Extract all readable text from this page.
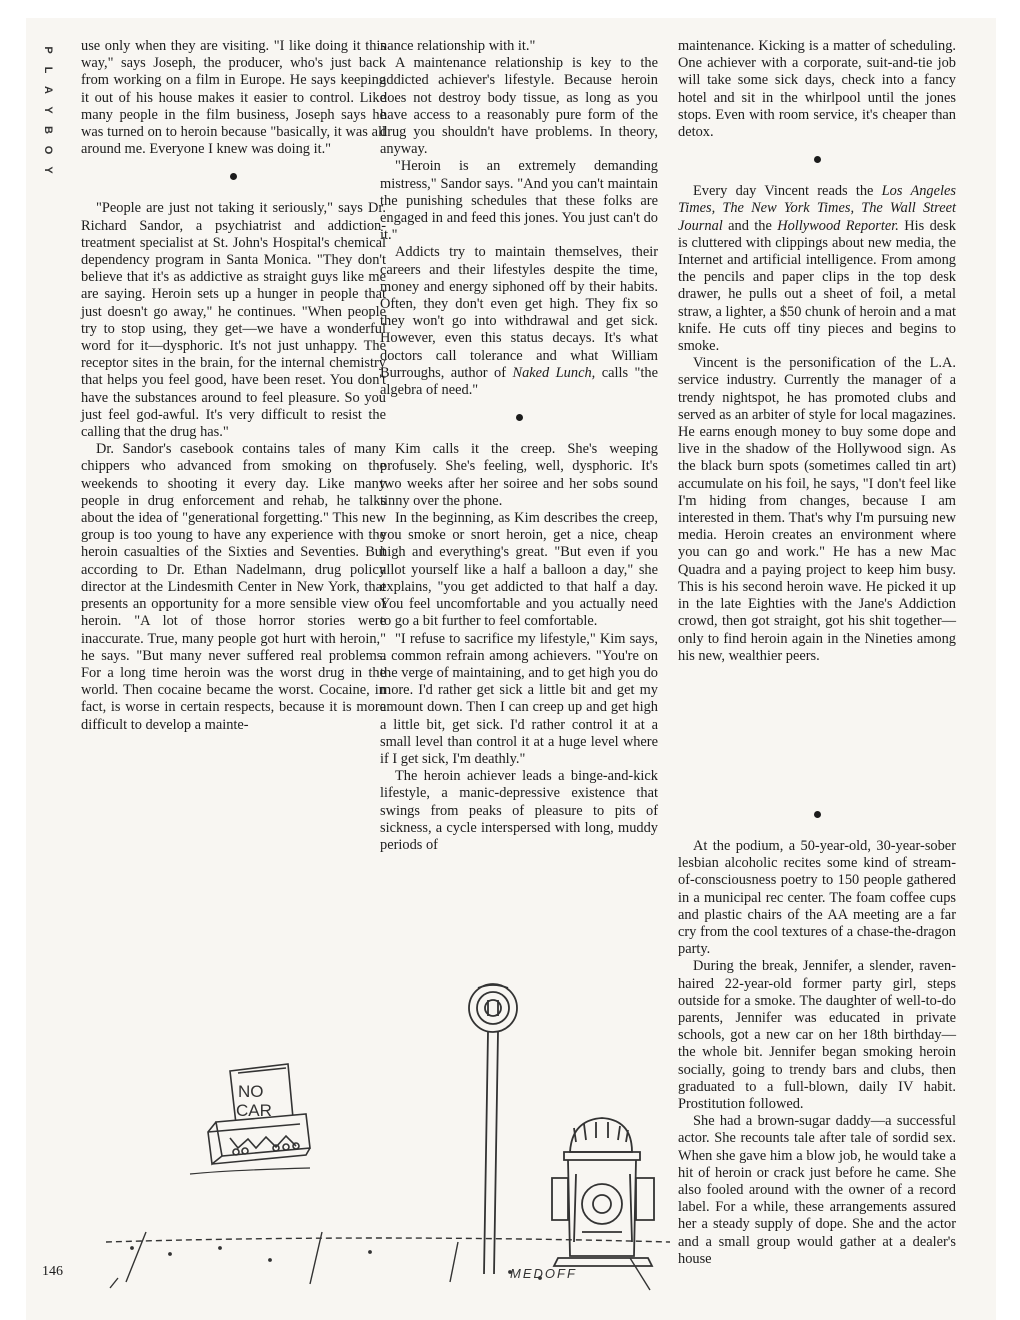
P
L
A
Y
B
O
Y

use only when they are visiting. "I like doing it this way," says Joseph, the producer, who's just back from working on a film in Europe. He says keeping it out of his house makes it easier to control. Like many people in the film business, Joseph says he was turned on to heroin because "basically, it was all around me. Everyone I knew was doing it."

"People are just not taking it seriously," says Dr. Richard Sandor, a psychiatrist and addiction-treatment specialist at St. John's Hospital's chemical dependency program in Santa Monica. "They don't believe that it's as addictive as straight guys like me are saying. Heroin sets up a hunger in people that just doesn't go away," he continues. "When people try to stop using, they get—we have a wonderful word for it—dysphoric. It's not just unhappy. The receptor sites in the brain, for the internal chemistry that helps you feel good, have been reset. You don't have the substances around to feel pleasure. So you just feel god-awful. It's very difficult to resist the calling that the drug has."

Dr. Sandor's casebook contains tales of many chippers who advanced from smoking on the weekends to shooting it every day. Like many people in drug enforcement and rehab, he talks about the idea of "generational forgetting." This new group is too young to have any experience with the heroin casualties of the Sixties and Seventies. But according to Dr. Ethan Nadelmann, drug policy director at the Lindesmith Center in New York, that presents an opportunity for a more sensible view of heroin. "A lot of those horror stories were inaccurate. True, many people got hurt with heroin," he says. "But many never suffered real problems. For a long time heroin was the worst drug in the world. Then cocaine became the worst. Cocaine, in fact, is worse in certain respects, because it is more difficult to develop a mainte-

nance relationship with it."

A maintenance relationship is key to the addicted achiever's lifestyle. Because heroin does not destroy body tissue, as long as you have access to a reasonably pure form of the drug you shouldn't have problems. In theory, anyway.

"Heroin is an extremely demanding mistress," Sandor says. "And you can't maintain the punishing schedules that these folks are engaged in and feed this jones. You just can't do it."

Addicts try to maintain themselves, their careers and their lifestyles despite the time, money and energy siphoned off by their habits. Often, they don't even get high. They fix so they won't go into withdrawal and get sick. However, even this status decays. It's what doctors call tolerance and what William Burroughs, author of Naked Lunch, calls "the algebra of need."

Kim calls it the creep. She's weeping profusely. She's feeling, well, dysphoric. It's two weeks after her soiree and her sobs sound tinny over the phone.

In the beginning, as Kim describes the creep, you smoke or snort heroin, get a nice, cheap high and everything's great. "But even if you allot yourself like a half a balloon a day," she explains, "you get addicted to that half a day. You feel uncomfortable and you actually need to go a bit further to feel comfortable.

"I refuse to sacrifice my lifestyle," Kim says, a common refrain among achievers. "You're on the verge of maintaining, and to get high you do more. I'd rather get sick a little bit and get my amount down. Then I can creep up and get high a little bit, get sick. I'd rather control it at a small level than control it at a huge level where if I get sick, I'm deathly."

The heroin achiever leads a binge-and-kick lifestyle, a manic-depressive existence that swings from peaks of pleasure to pits of sickness, a cycle interspersed with long, muddy periods of

maintenance. Kicking is a matter of scheduling. One achiever with a corporate, suit-and-tie job will take some sick days, check into a fancy hotel and sit in the whirlpool until the jones stops. Even with room service, it's cheaper than detox.

Every day Vincent reads the Los Angeles Times, The New York Times, The Wall Street Journal and the Hollywood Reporter. His desk is cluttered with clippings about new media, the Internet and artificial intelligence. From among the pencils and paper clips in the top desk drawer, he pulls out a sheet of foil, a metal straw, a lighter, a $50 chunk of heroin and a mat knife. He cuts off tiny pieces and begins to smoke.

Vincent is the personification of the L.A. service industry. Currently the manager of a trendy nightspot, he has promoted clubs and served as an arbiter of style for local magazines. He earns enough money to buy some dope and live in the shadow of the Hollywood sign. As the black burn spots (sometimes called tin art) accumulate on his foil, he says, "I don't feel like I'm hiding from changes, because I am interested in them. That's why I'm pursuing new media. Heroin creates an environment where you can go and work." He has a new Mac Quadra and a paying project to keep him busy. This is his second heroin wave. He picked it up in the late Eighties with the Jane's Addiction crowd, then got straight, got his shit together—only to find heroin again in the Nineties among his new, wealthier peers.

At the podium, a 50-year-old, 30-year-sober lesbian alcoholic recites some kind of stream-of-consciousness poetry to 150 people gathered in a municipal rec center. The foam coffee cups and plastic chairs of the AA meeting are a far cry from the cool textures of a chase-the-dragon party.

During the break, Jennifer, a slender, raven-haired 22-year-old former party girl, steps outside for a smoke. The daughter of well-to-do parents, Jennifer was educated in private schools, got a new car on her 18th birthday—the whole bit. Jennifer began smoking heroin socially, going to trendy bars and clubs, then graduated to a full-blown, daily IV habit. Prostitution followed.

She had a brown-sugar daddy—a successful actor. She recounts tale after tale of sordid sex. When she gave him a blow job, he would take a hit of heroin or crack just before he came. She also fooled around with the owner of a record label. For a while, these arrangements assured her a steady supply of dope. She and the actor and a small group would gather at a dealer's house

NO
CAR
MEDOFF
146
